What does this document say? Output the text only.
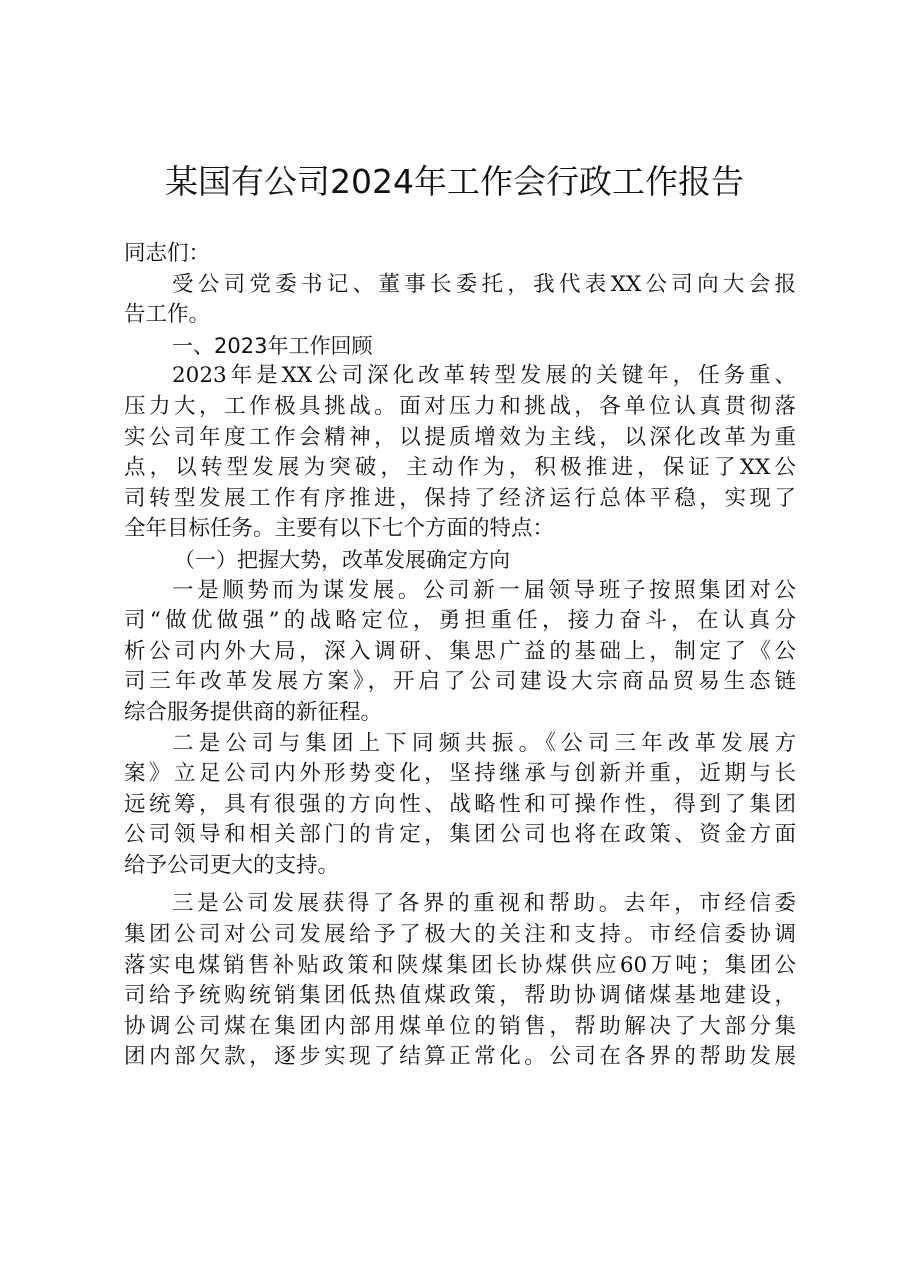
某国有公司2024年工作会行政工作报告
同志们：
受公司党委书记、董事长委托，我代表XX公司向大会报
告工作。
一、2023年工作回顾
2023年是XX公司深化改革转型发展的关键年，任务重、
压力大，工作极具挑战。面对压力和挑战，各单位认真贯彻落
实公司年度工作会精神，以提质增效为主线，以深化改革为重
点，以转型发展为突破，主动作为，积极推进，保证了XX公
司转型发展工作有序推进，保持了经济运行总体平稳，实现了
全年目标任务。主要有以下七个方面的特点：
（一）把握大势，改革发展确定方向
一是顺势而为谋发展。公司新一届领导班子按照集团对公
司“做优做强”的战略定位，勇担重任，接力奋斗，在认真分
析公司内外大局，深入调研、集思广益的基础上，制定了《公
司三年改革发展方案》，开启了公司建设大宗商品贸易生态链
综合服务提供商的新征程。
二是公司与集团上下同频共振。《公司三年改革发展方
案》立足公司内外形势变化，坚持继承与创新并重，近期与长
远统筹，具有很强的方向性、战略性和可操作性，得到了集团
公司领导和相关部门的肯定，集团公司也将在政策、资金方面
给予公司更大的支持。
三是公司发展获得了各界的重视和帮助。去年，市经信委
集团公司对公司发展给予了极大的关注和支持。市经信委协调
落实电煤销售补贴政策和陕煤集团长协煤供应60万吨；集团公
司给予统购统销集团低热值煤政策，帮助协调储煤基地建设，
协调公司煤在集团内部用煤单位的销售，帮助解决了大部分集
团内部欠款，逐步实现了结算正常化。公司在各界的帮助发展
